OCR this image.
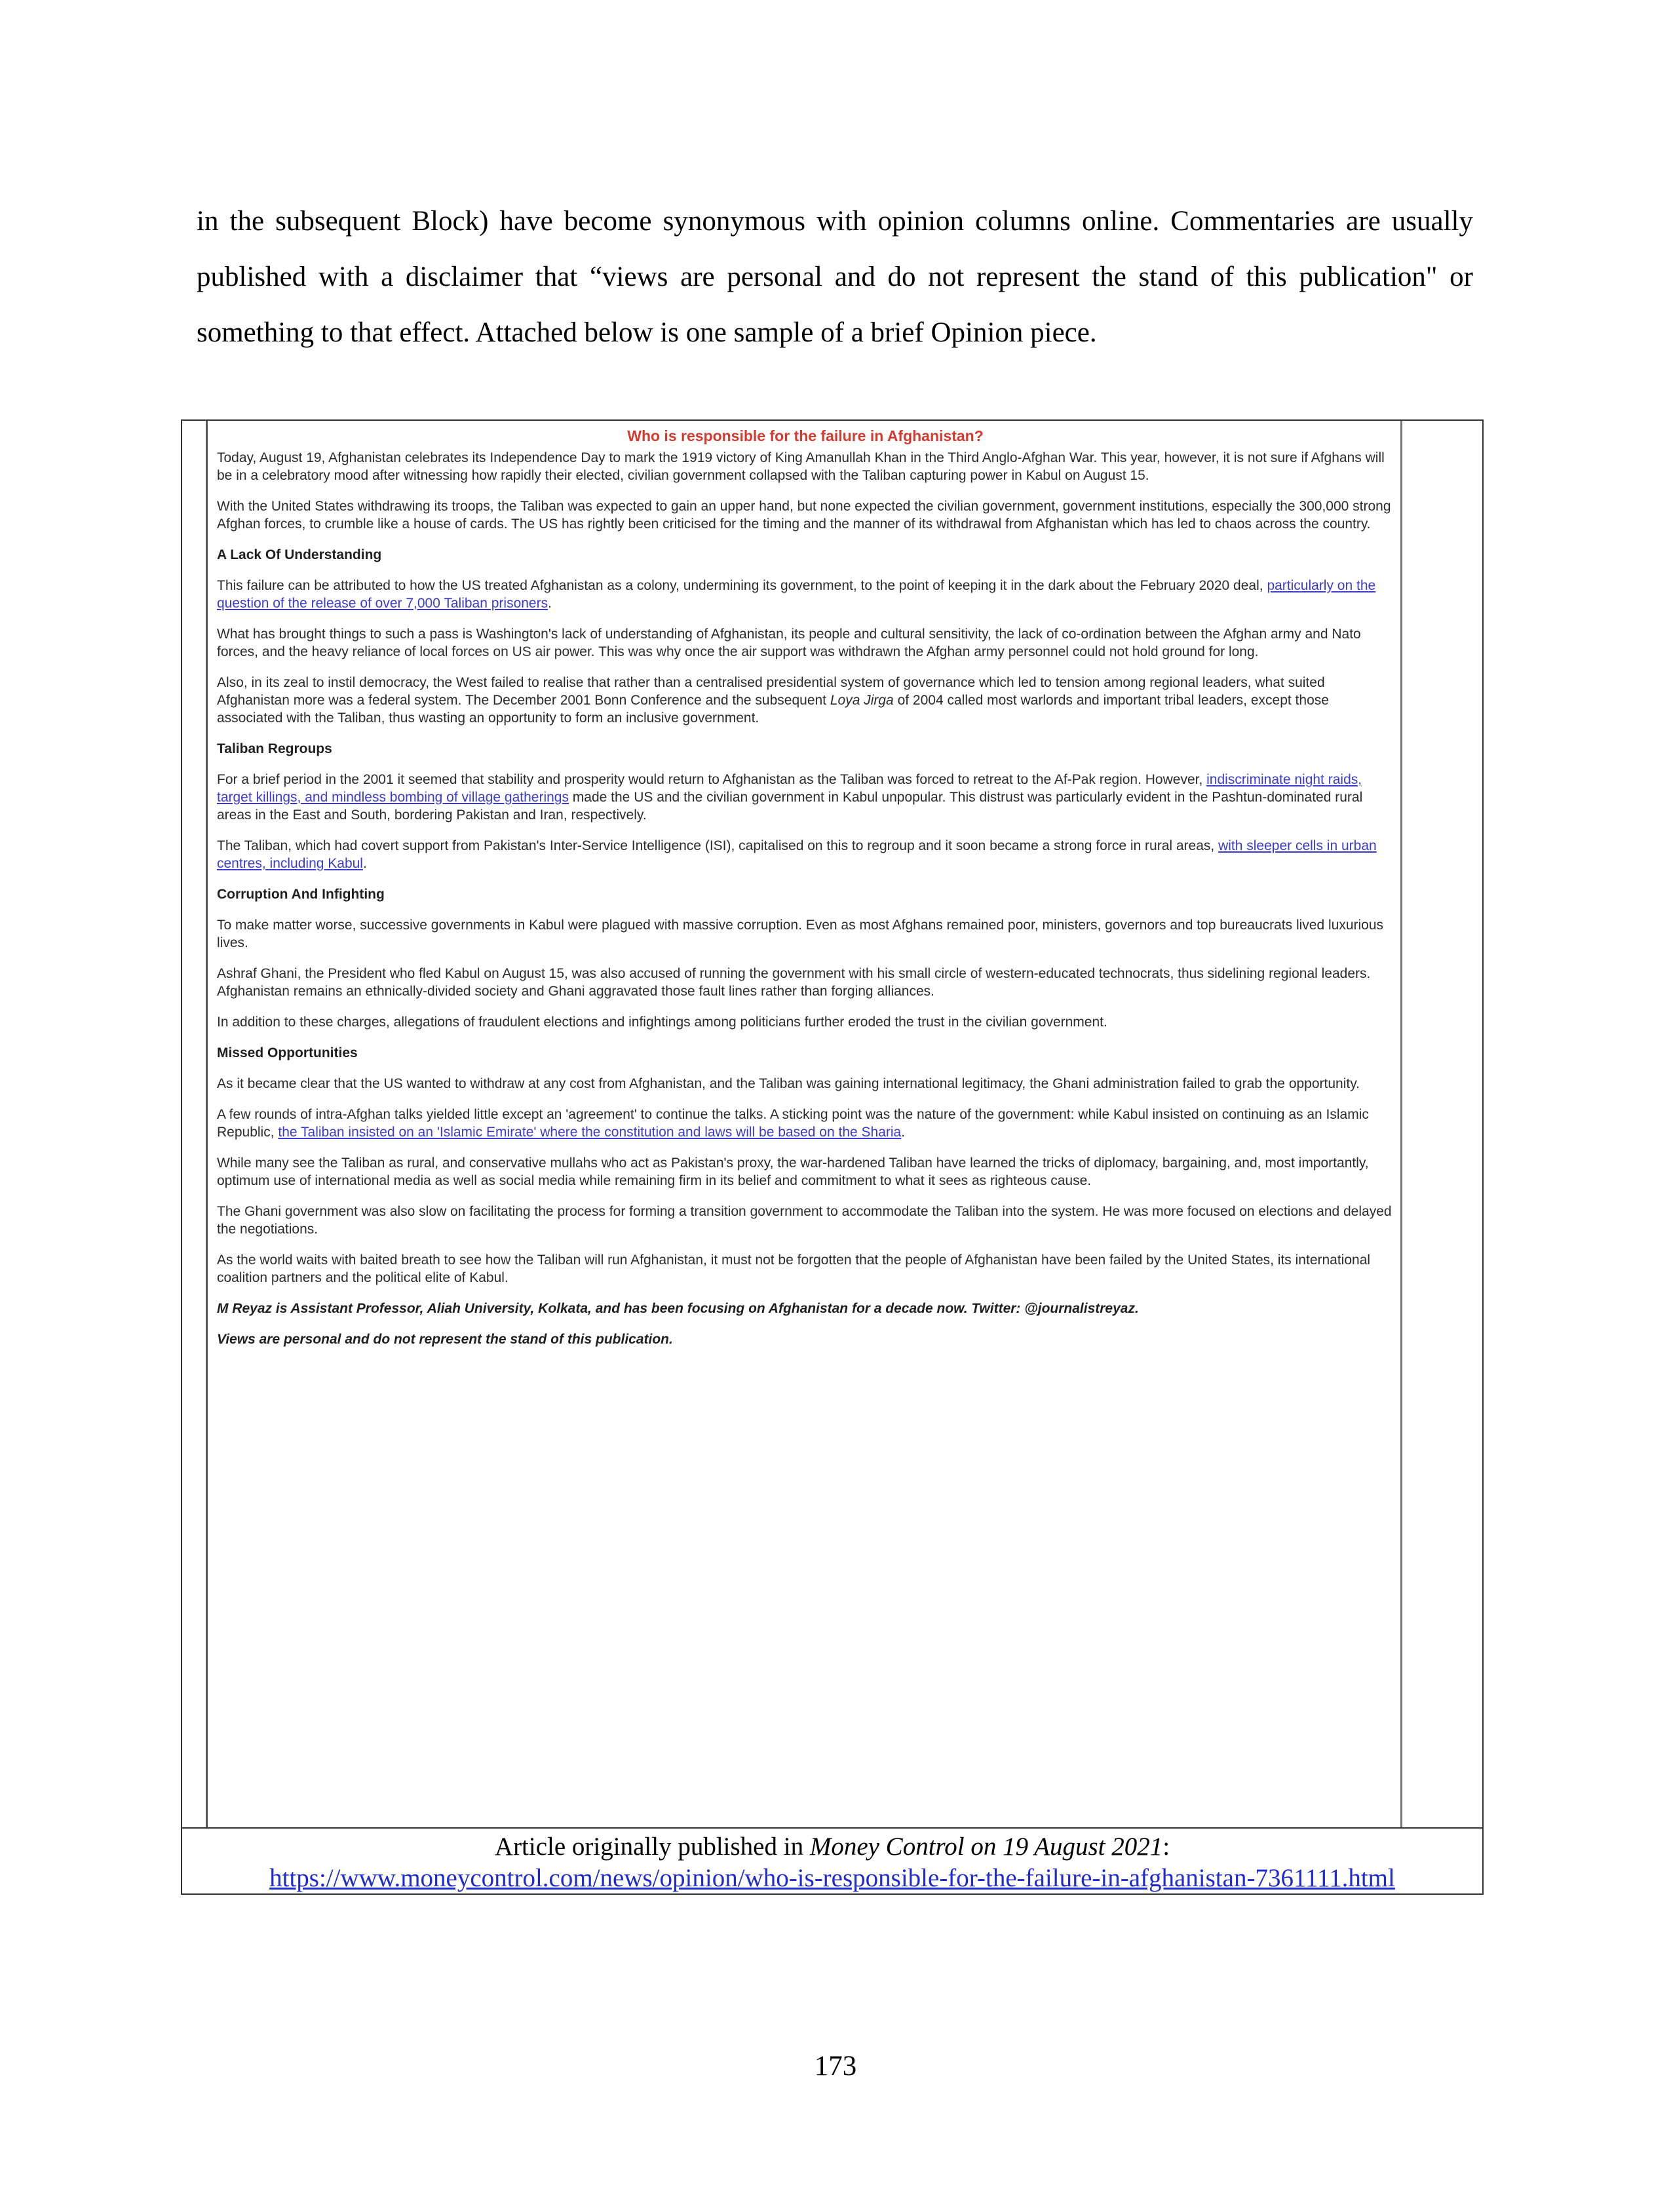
in the subsequent Block) have become synonymous with opinion columns online. Commentaries are usually published with a disclaimer that “views are personal and do not represent the stand of this publication" or something to that effect. Attached below is one sample of a brief Opinion piece.

Who is responsible for the failure in Afghanistan?

Today, August 19, Afghanistan celebrates its Independence Day to mark the 1919 victory of King Amanullah Khan in the Third Anglo-Afghan War. This year, however, it is not sure if Afghans will be in a celebratory mood after witnessing how rapidly their elected, civilian government collapsed with the Taliban capturing power in Kabul on August 15.

With the United States withdrawing its troops, the Taliban was expected to gain an upper hand, but none expected the civilian government, government institutions, especially the 300,000 strong Afghan forces, to crumble like a house of cards. The US has rightly been criticised for the timing and the manner of its withdrawal from Afghanistan which has led to chaos across the country.

A Lack Of Understanding

This failure can be attributed to how the US treated Afghanistan as a colony, undermining its government, to the point of keeping it in the dark about the February 2020 deal, particularly on the question of the release of over 7,000 Taliban prisoners.

What has brought things to such a pass is Washington's lack of understanding of Afghanistan, its people and cultural sensitivity, the lack of co-ordination between the Afghan army and Nato forces, and the heavy reliance of local forces on US air power. This was why once the air support was withdrawn the Afghan army personnel could not hold ground for long.

Also, in its zeal to instil democracy, the West failed to realise that rather than a centralised presidential system of governance which led to tension among regional leaders, what suited Afghanistan more was a federal system. The December 2001 Bonn Conference and the subsequent Loya Jirga of 2004 called most warlords and important tribal leaders, except those associated with the Taliban, thus wasting an opportunity to form an inclusive government.

Taliban Regroups

For a brief period in the 2001 it seemed that stability and prosperity would return to Afghanistan as the Taliban was forced to retreat to the Af-Pak region. However, indiscriminate night raids, target killings, and mindless bombing of village gatherings made the US and the civilian government in Kabul unpopular. This distrust was particularly evident in the Pashtun-dominated rural areas in the East and South, bordering Pakistan and Iran, respectively.

The Taliban, which had covert support from Pakistan's Inter-Service Intelligence (ISI), capitalised on this to regroup and it soon became a strong force in rural areas, with sleeper cells in urban centres, including Kabul.

Corruption And Infighting

To make matter worse, successive governments in Kabul were plagued with massive corruption. Even as most Afghans remained poor, ministers, governors and top bureaucrats lived luxurious lives.

Ashraf Ghani, the President who fled Kabul on August 15, was also accused of running the government with his small circle of western-educated technocrats, thus sidelining regional leaders. Afghanistan remains an ethnically-divided society and Ghani aggravated those fault lines rather than forging alliances.

In addition to these charges, allegations of fraudulent elections and infightings among politicians further eroded the trust in the civilian government.

Missed Opportunities

As it became clear that the US wanted to withdraw at any cost from Afghanistan, and the Taliban was gaining international legitimacy, the Ghani administration failed to grab the opportunity.

A few rounds of intra-Afghan talks yielded little except an 'agreement' to continue the talks. A sticking point was the nature of the government: while Kabul insisted on continuing as an Islamic Republic, the Taliban insisted on an 'Islamic Emirate' where the constitution and laws will be based on the Sharia.

While many see the Taliban as rural, and conservative mullahs who act as Pakistan's proxy, the war-hardened Taliban have learned the tricks of diplomacy, bargaining, and, most importantly, optimum use of international media as well as social media while remaining firm in its belief and commitment to what it sees as righteous cause.

The Ghani government was also slow on facilitating the process for forming a transition government to accommodate the Taliban into the system. He was more focused on elections and delayed the negotiations.

As the world waits with baited breath to see how the Taliban will run Afghanistan, it must not be forgotten that the people of Afghanistan have been failed by the United States, its international coalition partners and the political elite of Kabul.

M Reyaz is Assistant Professor, Aliah University, Kolkata, and has been focusing on Afghanistan for a decade now. Twitter: @journalistreyaz.

Views are personal and do not represent the stand of this publication.

Article originally published in Money Control on 19 August 2021:
https://www.moneycontrol.com/news/opinion/who-is-responsible-for-the-failure-in-afghanistan-7361111.html
173
